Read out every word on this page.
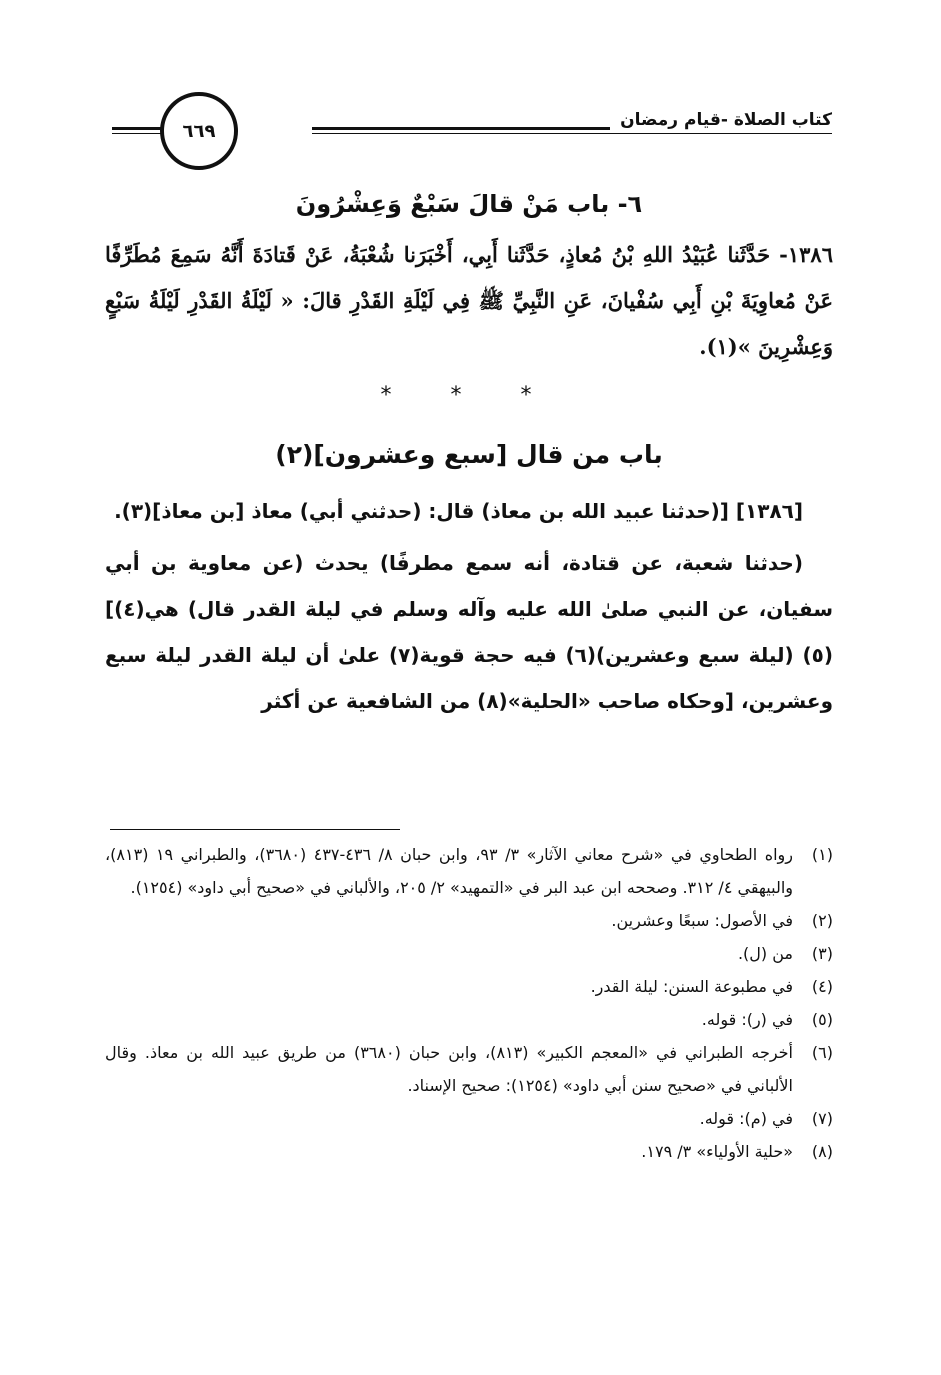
كتاب الصلاة -قيام رمضان
٦٦٩
٦- باب مَنْ قالَ سَبْعٌ وَعِشْرُونَ

١٣٨٦- حَدَّثَنا عُبَيْدُ اللهِ بْنُ مُعاذٍ، حَدَّثَنا أَبِي، أَخْبَرَنا شُعْبَةُ، عَنْ قَتادَةَ أَنَّهُ سَمِعَ مُطَرِّفًا عَنْ مُعاوِيَةَ بْنِ أَبِي سُفْيانَ، عَنِ النَّبِيِّ ﷺ فِي لَيْلَةِ القَدْرِ قالَ: « لَيْلَةُ القَدْرِ لَيْلَةُ سَبْعٍ وَعِشْرِينَ »(١).

* * *
باب من قال [سبع وعشرون](٢)

[١٣٨٦] [(حدثنا عبيد الله بن معاذ) قال: (حدثني أبي) معاذ [بن معاذ](٣).

(حدثنا شعبة، عن قتادة، أنه سمع مطرفًا) يحدث (عن معاوية بن أبي سفيان، عن النبي صلىٰ الله عليه وآله وسلم في ليلة القدر قال) هي(٤)](٥) (ليلة سبع وعشرين)(٦) فيه حجة قوية(٧) علىٰ أن ليلة القدر ليلة سبع وعشرين، [وحكاه صاحب «الحلية»(٨) من الشافعية عن أكثر

(١)
رواه الطحاوي في «شرح معاني الآثار» ٣/ ٩٣، وابن حبان ٨/ ٤٣٦-٤٣٧ (٣٦٨٠)، والطبراني ١٩ (٨١٣)، والبيهقي ٤/ ٣١٢. وصححه ابن عبد البر في «التمهيد» ٢/ ٢٠٥، والألباني في «صحيح أبي داود» (١٢٥٤).
(٢)
في الأصول: سبعًا وعشرين.
(٣)
من (ل).
(٤)
في مطبوعة السنن: ليلة القدر.
(٥)
في (ر): قوله.
(٦)
أخرجه الطبراني في «المعجم الكبير» (٨١٣)، وابن حبان (٣٦٨٠) من طريق عبيد الله بن معاذ. وقال الألباني في «صحيح سنن أبي داود» (١٢٥٤): صحيح الإسناد.
(٧)
في (م): قوله.
(٨)
«حلية الأولياء» ٣/ ١٧٩.
